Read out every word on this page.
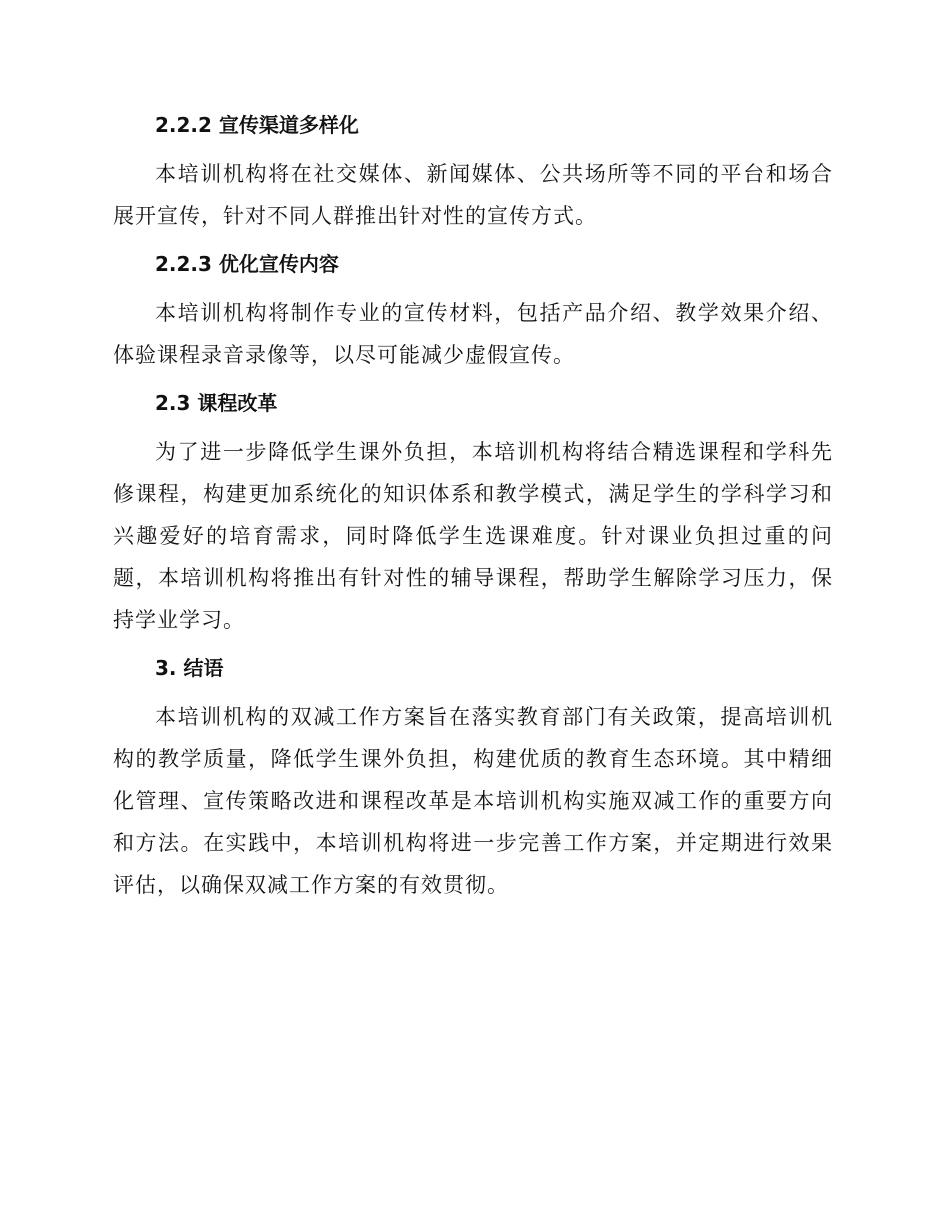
2.2.2 宣传渠道多样化

本培训机构将在社交媒体、新闻媒体、公共场所等不同的平台和场合展开宣传，针对不同人群推出针对性的宣传方式。

2.2.3 优化宣传内容

本培训机构将制作专业的宣传材料，包括产品介绍、教学效果介绍、体验课程录音录像等，以尽可能减少虚假宣传。

2.3 课程改革

为了进一步降低学生课外负担，本培训机构将结合精选课程和学科先修课程，构建更加系统化的知识体系和教学模式，满足学生的学科学习和兴趣爱好的培育需求，同时降低学生选课难度。针对课业负担过重的问题，本培训机构将推出有针对性的辅导课程，帮助学生解除学习压力，保持学业学习。

3. 结语

本培训机构的双减工作方案旨在落实教育部门有关政策，提高培训机构的教学质量，降低学生课外负担，构建优质的教育生态环境。其中精细化管理、宣传策略改进和课程改革是本培训机构实施双减工作的重要方向和方法。在实践中，本培训机构将进一步完善工作方案，并定期进行效果评估，以确保双减工作方案的有效贯彻。
